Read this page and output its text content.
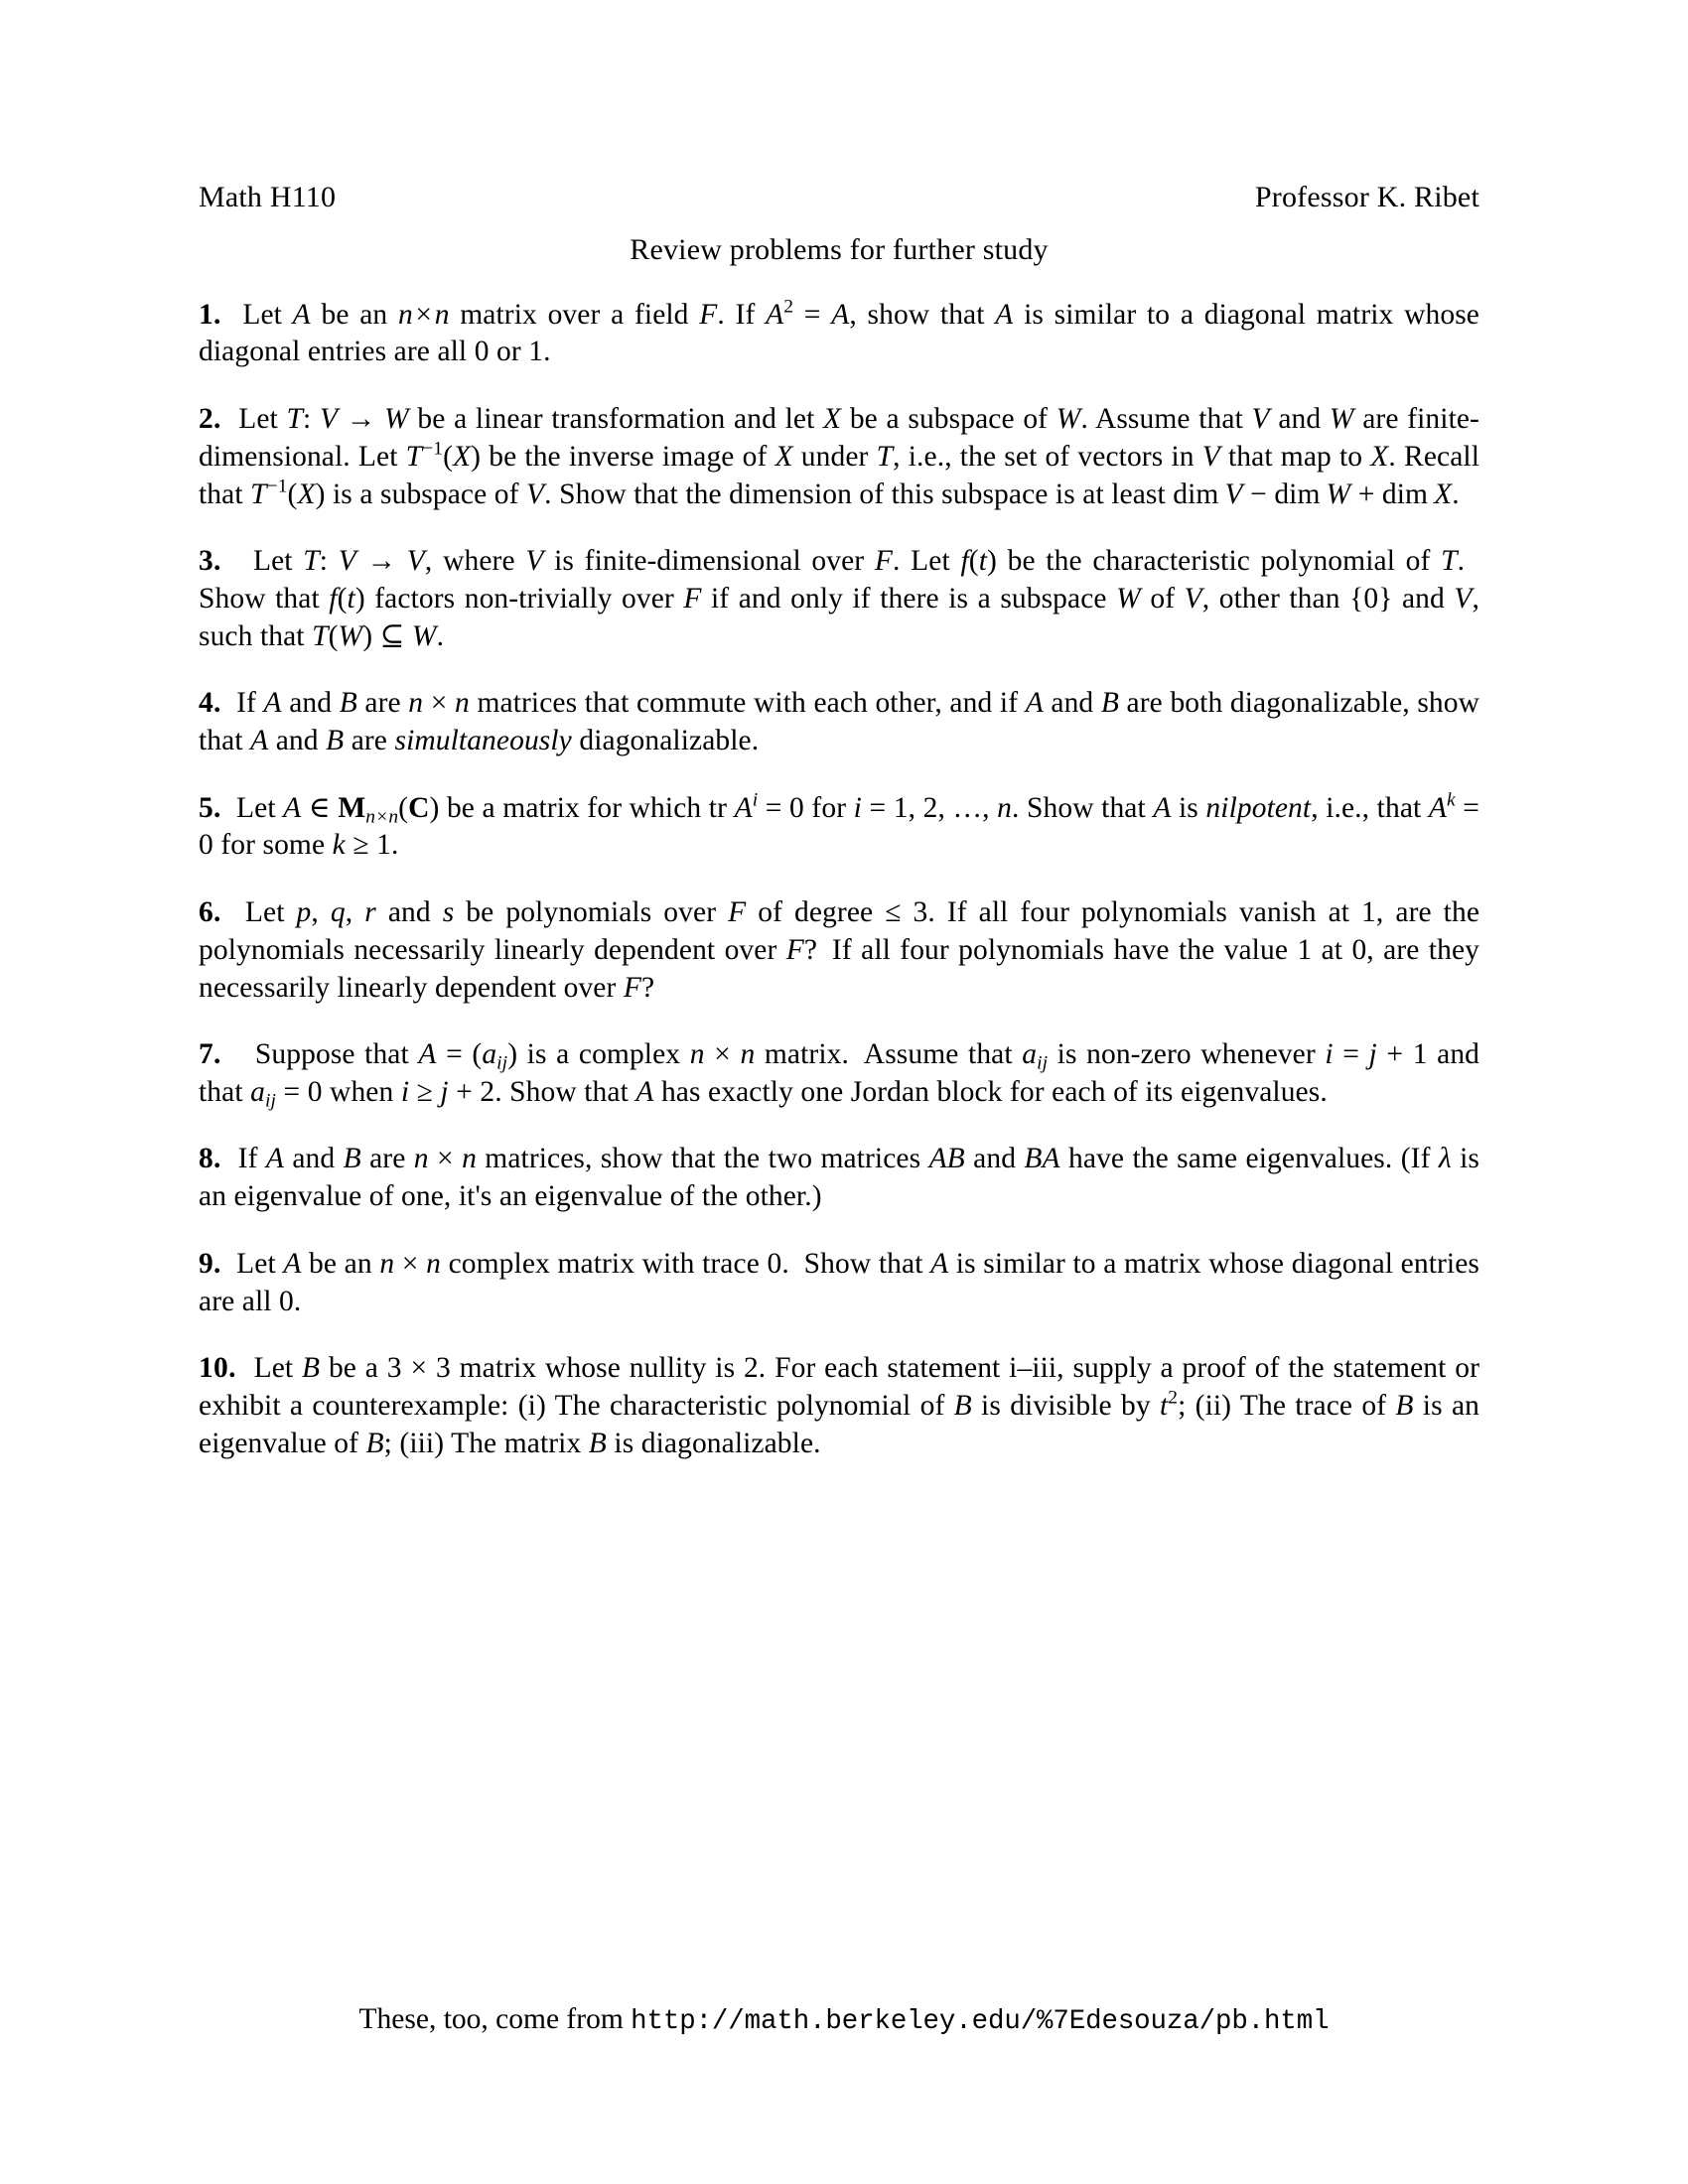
Math H110	Professor K. Ribet
Review problems for further study

1. Let A be an n × n matrix over a field F. If $A^2 = A$, show that A is similar to a diagonal matrix whose diagonal entries are all 0 or 1.

2. Let T: V → W be a linear transformation and let X be a subspace of W. Assume that V and W are finite-dimensional. Let $T^{-1}(X)$ be the inverse image of X under T, i.e., the set of vectors in V that map to X. Recall that $T^{-1}(X)$ is a subspace of V. Show that the dimension of this subspace is at least dim  V − dim  W + dim  X.

3.  Let T: V → V, where V is finite-dimensional over F. Let f(t) be the characteristic polynomial of T. Show that f(t) factors non-trivially over F if and only if there is a subspace W of V, other than {0} and V, such that T(W) ⊆ W.

4. If A and B are n × n matrices that commute with each other, and if A and B are both diagonalizable, show that A and B are simultaneously diagonalizable.

5. Let A ∈ $M_{n\times n}(C)$ be a matrix for which tr $A^i = 0$ for i = 1, 2, …, n. Show that A is nilpotent, i.e., that $A^k = 0$ for some k ≥ 1.

6. Let p, q, r and s be polynomials over F of degree ≤ 3. If all four polynomials vanish at 1, are the polynomials necessarily linearly dependent over F? If all four polynomials have the value 1 at 0, are they necessarily linearly dependent over F?

7.  Suppose that $A = (a_{ij})$ is a complex n × n matrix. Assume that $a_{ij}$ is non-zero whenever i = j + 1 and that $a_{ij} = 0$ when i ≥ j + 2. Show that A has exactly one Jordan block for each of its eigenvalues.

8. If A and B are n × n matrices, show that the two matrices AB and BA have the same eigenvalues. (If λ is an eigenvalue of one, it's an eigenvalue of the other.)

9. Let A be an n × n complex matrix with trace 0. Show that A is similar to a matrix whose diagonal entries are all 0.

10. Let B be a 3 × 3 matrix whose nullity is 2. For each statement i–iii, supply a proof of the statement or exhibit a counterexample: (i) The characteristic polynomial of B is divisible by $t^2$; (ii) The trace of B is an eigenvalue of B; (iii) The matrix B is diagonalizable.

These, too, come from http://math.berkeley.edu/%7Edesouza/pb.html
